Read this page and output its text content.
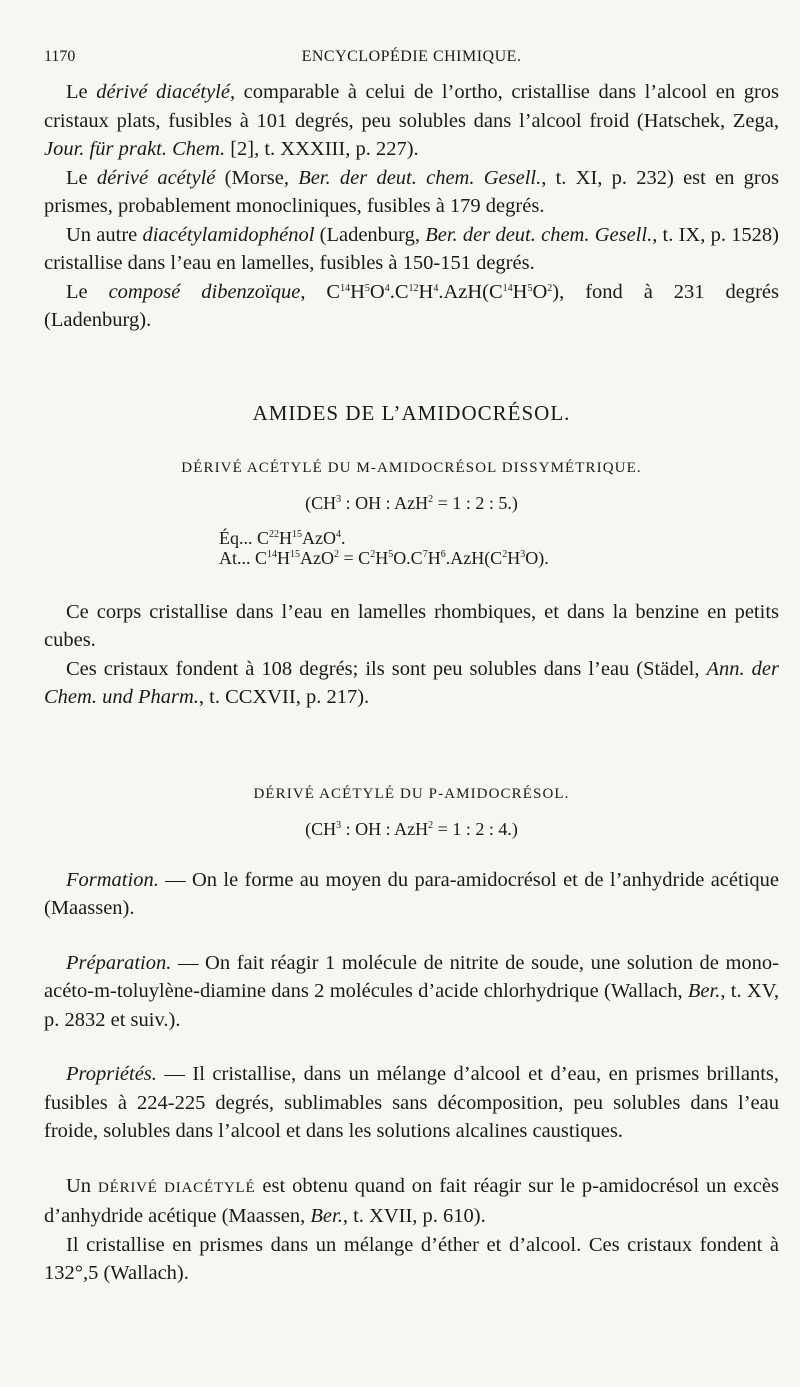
1170	ENCYCLOPÉDIE CHIMIQUE.

Le dérivé diacétylé, comparable à celui de l’ortho, cristallise dans l’alcool en gros cristaux plats, fusibles à 101 degrés, peu solubles dans l’alcool froid (Hatschek, Zega, Jour. für prakt. Chem. [2], t. XXXIII, p. 227).

Le dérivé acétylé (Morse, Ber. der deut. chem. Gesell., t. XI, p. 232) est en gros prismes, probablement monocliniques, fusibles à 179 degrés.

Un autre diacétylamidophénol (Ladenburg, Ber. der deut. chem. Gesell., t. IX, p. 1528) cristallise dans l’eau en lamelles, fusibles à 150-151 degrés.

Le composé dibenzoïque, $C^{14}H^5O^4.C^{12}H^4.AzH(C^{14}H^5O^2)$, fond à 231 degrés (Ladenburg).

AMIDES DE L’AMIDOCRÉSOL.
DÉRIVÉ ACÉTYLÉ DU M-AMIDOCRÉSOL DISSYMÉTRIQUE.
($CH^3$ : OH : AzH$^2$ = 1 : 2 : 5.)
Éq... $C^{22}H^{15}AzO^4$.
At... $C^{14}H^{15}AzO^2 = C^2H^5O.C^7H^6.AzH(C^2H^3O)$.

Ce corps cristallise dans l’eau en lamelles rhombiques, et dans la benzine en petits cubes.

Ces cristaux fondent à 108 degrés; ils sont peu solubles dans l’eau (Städel, Ann. der Chem. und Pharm., t. CCXVII, p. 217).

DÉRIVÉ ACÉTYLÉ DU P-AMIDOCRÉSOL.
($CH^3$ : OH : AzH$^2$ = 1 : 2 : 4.)

Formation. — On le forme au moyen du para-amidocrésol et de l’anhydride acétique (Maassen).

Préparation. — On fait réagir 1 molécule de nitrite de soude, une solution de mono-acéto-m-toluylène-diamine dans 2 molécules d’acide chlorhydrique (Wallach, Ber., t. XV, p. 2832 et suiv.).

Propriétés. — Il cristallise, dans un mélange d’alcool et d’eau, en prismes brillants, fusibles à 224-225 degrés, sublimables sans décomposition, peu solubles dans l’eau froide, solubles dans l’alcool et dans les solutions alcalines caustiques.

Un DÉRIVÉ DIACÉTYLÉ est obtenu quand on fait réagir sur le p-amidocrésol un excès d’anhydride acétique (Maassen, Ber., t. XVII, p. 610).

Il cristallise en prismes dans un mélange d’éther et d’alcool. Ces cristaux fondent à 132°,5 (Wallach).
